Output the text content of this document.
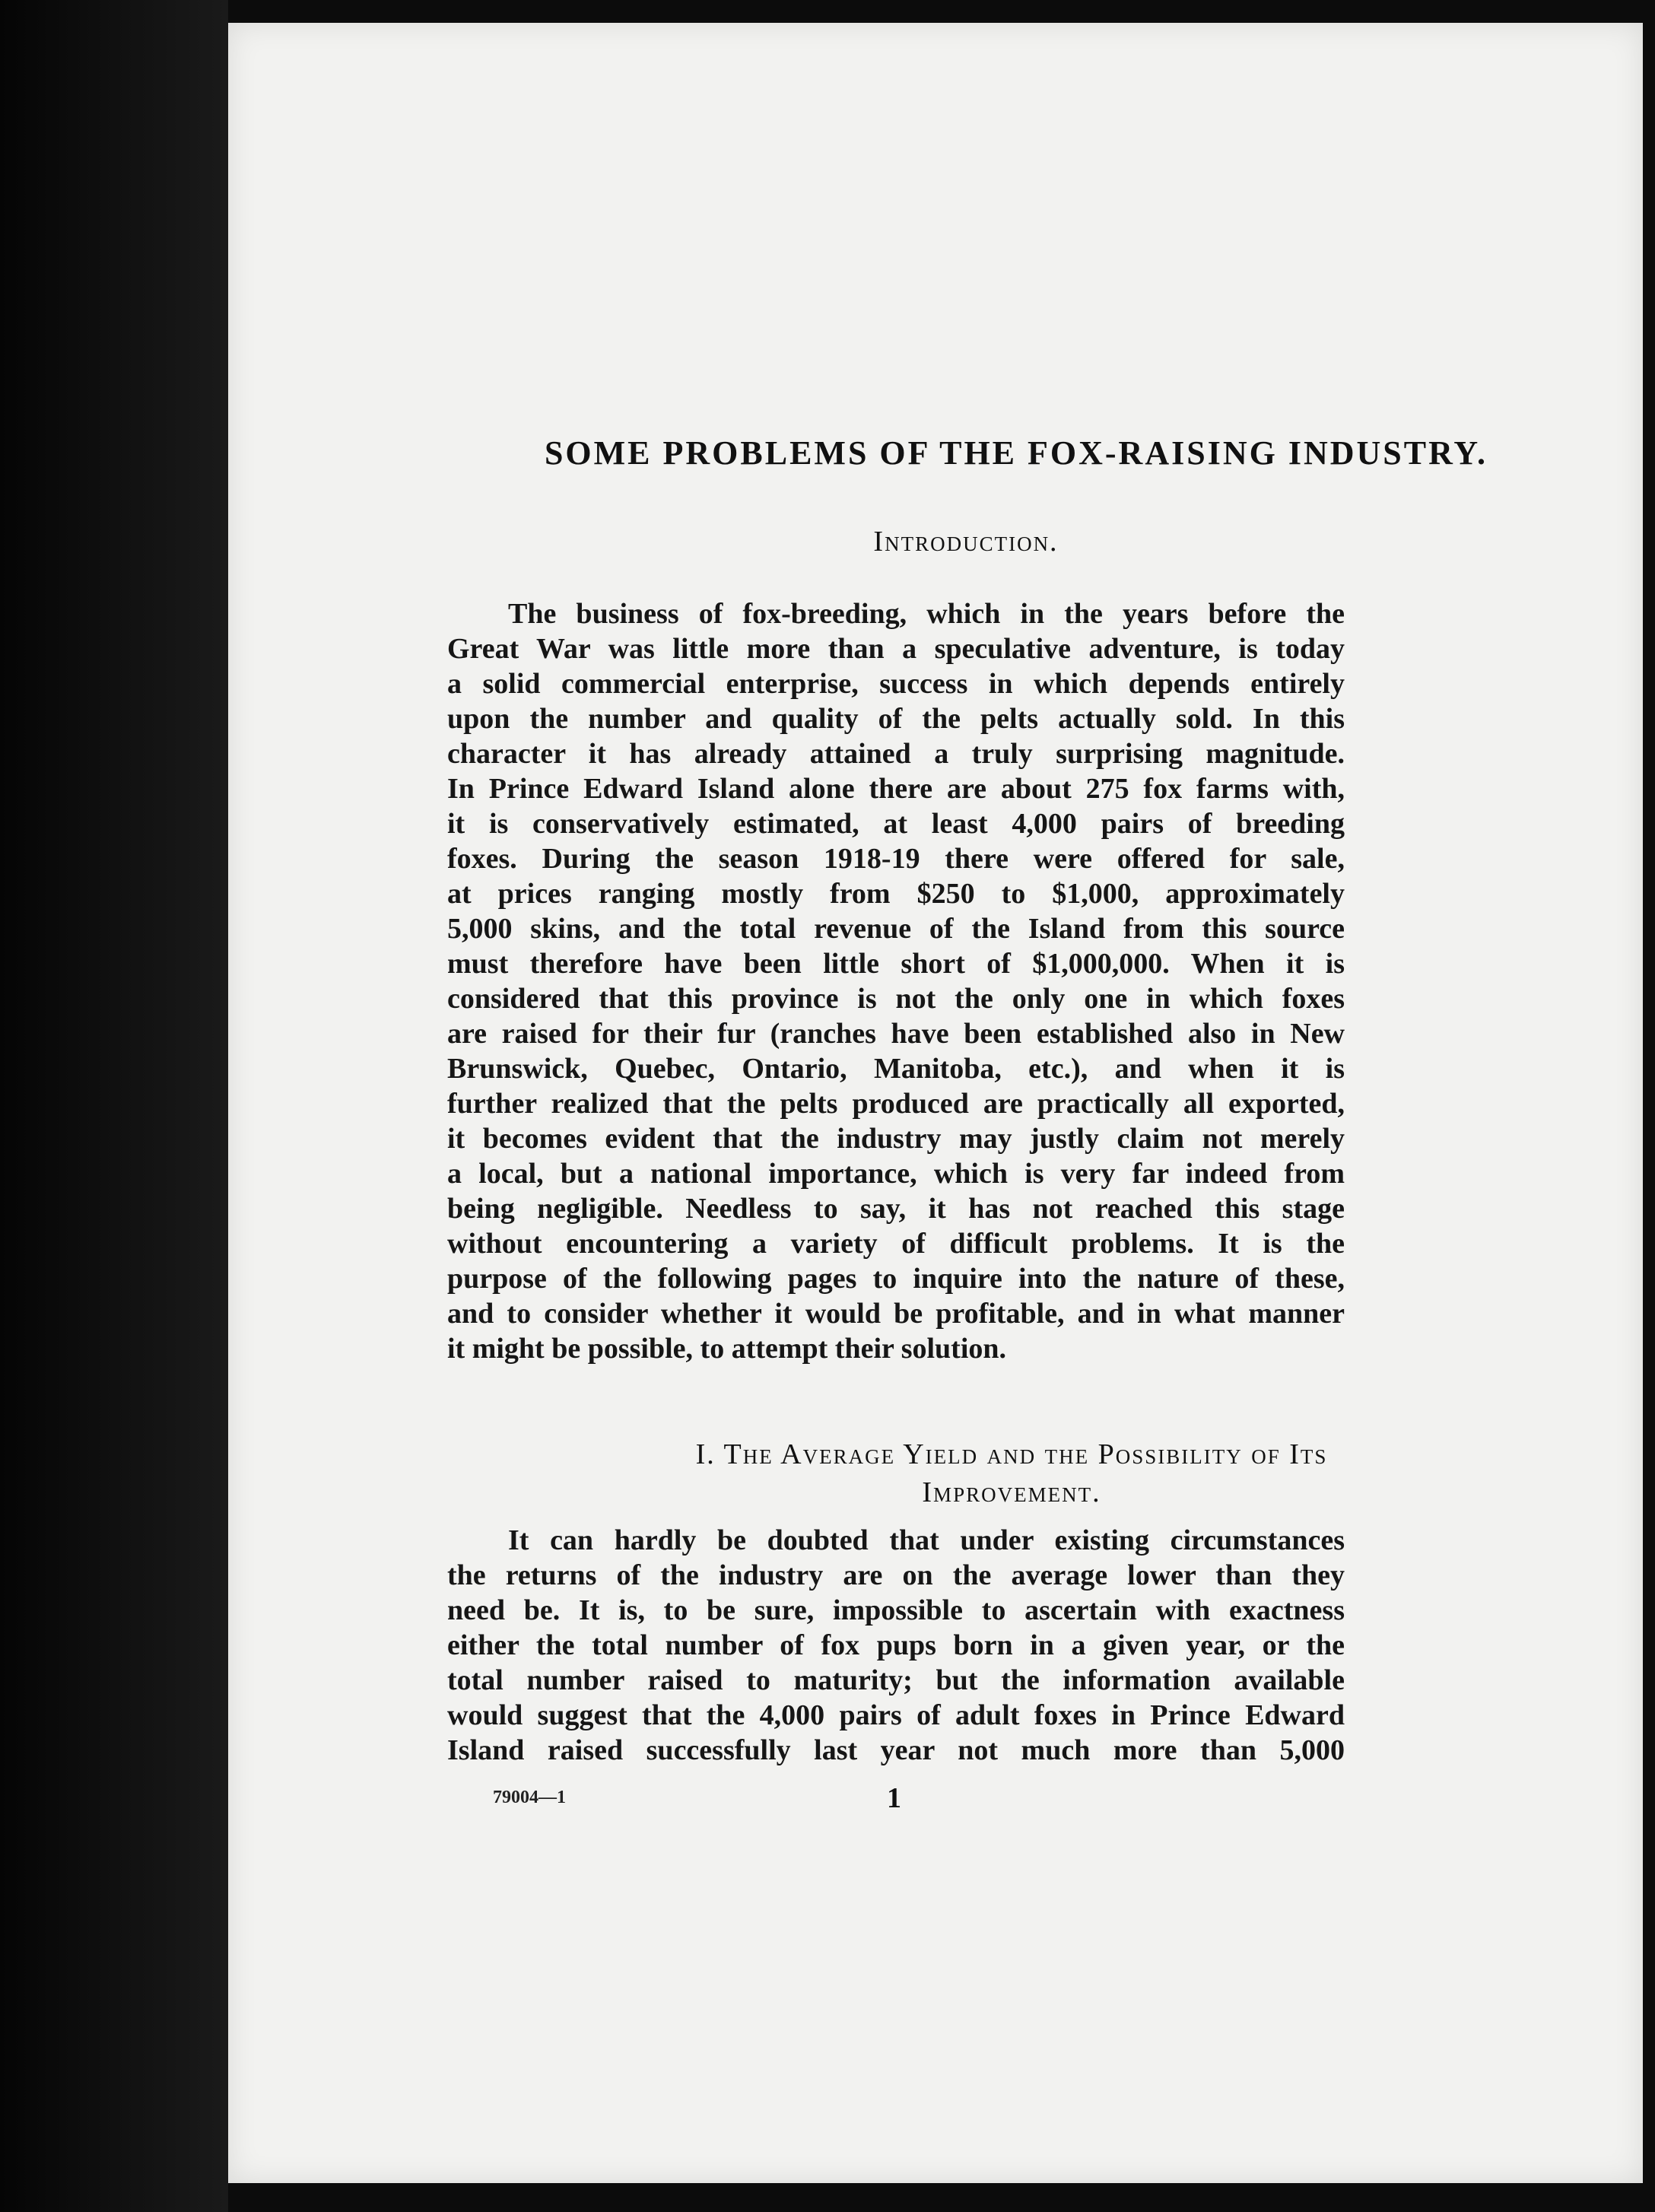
SOME PROBLEMS OF THE FOX-RAISING INDUSTRY.
Introduction.
The business of fox-breeding, which in the years before the
Great War was little more than a speculative adventure, is today
a solid commercial enterprise, success in which depends entirely
upon the number and quality of the pelts actually sold. In this
character it has already attained a truly surprising magnitude.
In Prince Edward Island alone there are about 275 fox farms with,
it is conservatively estimated, at least 4,000 pairs of breeding
foxes. During the season 1918-19 there were offered for sale,
at prices ranging mostly from $250 to $1,000, approximately
5,000 skins, and the total revenue of the Island from this source
must therefore have been little short of $1,000,000. When it is
considered that this province is not the only one in which foxes
are raised for their fur (ranches have been established also in New
Brunswick, Quebec, Ontario, Manitoba, etc.), and when it is
further realized that the pelts produced are practically all exported,
it becomes evident that the industry may justly claim not merely
a local, but a national importance, which is very far indeed from
being negligible. Needless to say, it has not reached this stage
without encountering a variety of difficult problems. It is the
purpose of the following pages to inquire into the nature of these,
and to consider whether it would be profitable, and in what manner
it might be possible, to attempt their solution.
I. The Average Yield and the Possibility of Its
Improvement.
It can hardly be doubted that under existing circumstances
the returns of the industry are on the average lower than they
need be. It is, to be sure, impossible to ascertain with exactness
either the total number of fox pups born in a given year, or the
total number raised to maturity; but the information available
would suggest that the 4,000 pairs of adult foxes in Prince Edward
Island raised successfully last year not much more than 5,000
79004—1	1
